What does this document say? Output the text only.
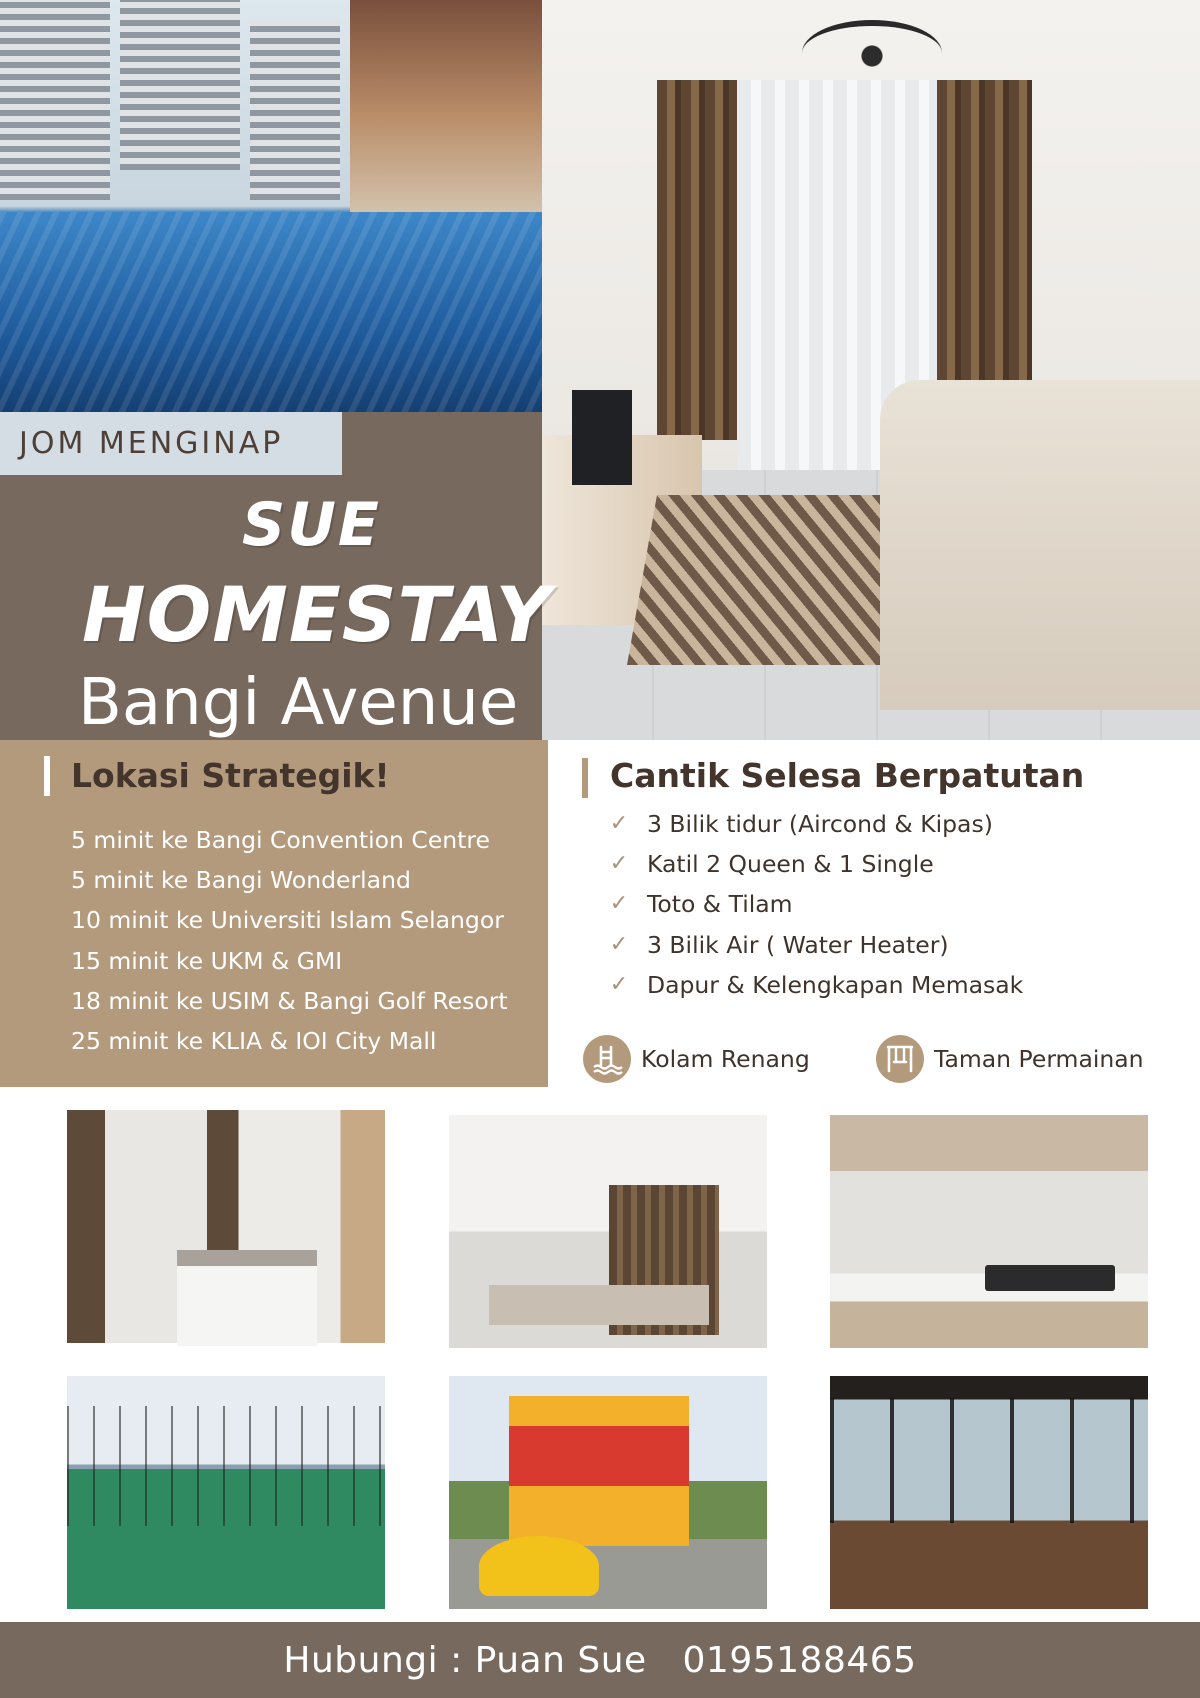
JOM MENGINAP
SUE
HOMESTAY
Bangi Avenue
Lokasi Strategik!
5 minit ke Bangi Convention Centre
5 minit ke Bangi Wonderland
10 minit ke Universiti Islam Selangor
15 minit ke UKM & GMI
18 minit ke USIM & Bangi Golf Resort
25 minit ke KLIA & IOI City Mall
Cantik Selesa Berpatutan
✓ 3 Bilik tidur (Aircond & Kipas)
✓ Katil 2 Queen & 1 Single
✓ Toto & Tilam
✓ 3 Bilik Air ( Water Heater)
✓ Dapur & Kelengkapan Memasak
Kolam Renang	Taman Permainan
Hubungi : Puan Sue 0195188465
